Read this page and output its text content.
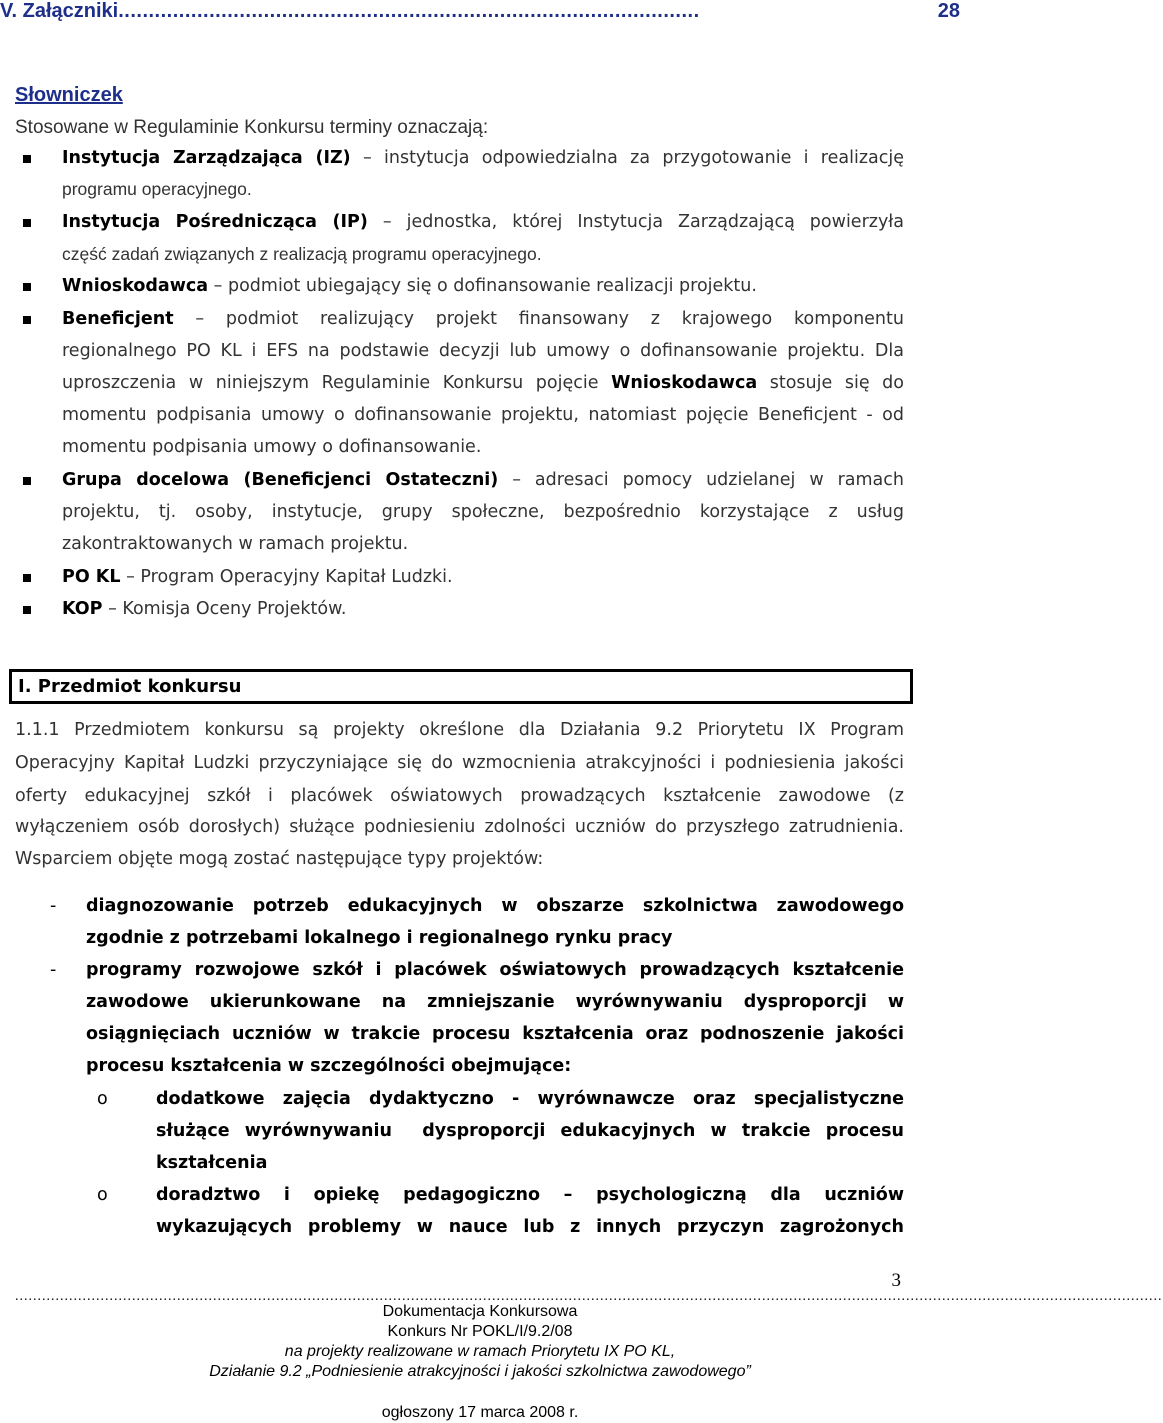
V. Załączniki................................................................................................	28
Słowniczek
Stosowane w Regulaminie Konkursu terminy oznaczają:
Instytucja Zarządzająca (IZ) – instytucja odpowiedzialna za przygotowanie i realizację
programu operacyjnego.
Instytucja Pośrednicząca (IP) – jednostka, której Instytucja Zarządzającą powierzyła
część zadań związanych z realizacją programu operacyjnego.
Wnioskodawca – podmiot ubiegający się o dofinansowanie realizacji projektu.
Beneficjent – podmiot realizujący projekt finansowany z krajowego komponentu
regionalnego PO KL i EFS na podstawie decyzji lub umowy o dofinansowanie projektu. Dla
uproszczenia w niniejszym Regulaminie Konkursu pojęcie Wnioskodawca stosuje się do
momentu podpisania umowy o dofinansowanie projektu, natomiast pojęcie Beneficjent - od
momentu podpisania umowy o dofinansowanie.
Grupa docelowa (Beneficjenci Ostateczni) – adresaci pomocy udzielanej w ramach
projektu, tj. osoby, instytucje, grupy społeczne, bezpośrednio korzystające z usług
zakontraktowanych w ramach projektu.
PO KL – Program Operacyjny Kapitał Ludzki.
KOP – Komisja Oceny Projektów.
I. Przedmiot konkursu
1.1.1 Przedmiotem konkursu są projekty określone dla Działania 9.2 Priorytetu IX Program
Operacyjny Kapitał Ludzki przyczyniające się do wzmocnienia atrakcyjności i podniesienia jakości
oferty edukacyjnej szkół i placówek oświatowych prowadzących kształcenie zawodowe (z
wyłączeniem osób dorosłych) służące podniesieniu zdolności uczniów do przyszłego zatrudnienia.
Wsparciem objęte mogą zostać następujące typy projektów:
- diagnozowanie potrzeb edukacyjnych w obszarze szkolnictwa zawodowego
zgodnie z potrzebami lokalnego i regionalnego rynku pracy
- programy rozwojowe szkół i placówek oświatowych prowadzących kształcenie
zawodowe ukierunkowane na zmniejszanie wyrównywaniu dysproporcji w
osiągnięciach uczniów w trakcie procesu kształcenia oraz podnoszenie jakości
procesu kształcenia w szczególności obejmujące:
o	dodatkowe zajęcia dydaktyczno - wyrównawcze oraz specjalistyczne
służące wyrównywaniu  dysproporcji edukacyjnych w trakcie procesu
kształcenia
o	doradztwo i opiekę pedagogiczno – psychologiczną dla uczniów
wykazujących problemy w nauce lub z innych przyczyn zagrożonych
3
...............................................................................................................................................................................................................................................................
Dokumentacja Konkursowa
Konkurs Nr POKL/I/9.2/08
na projekty realizowane w ramach Priorytetu IX PO KL,
Działanie 9.2 „Podniesienie atrakcyjności i jakości szkolnictwa zawodowego”
ogłoszony 17 marca 2008 r.
